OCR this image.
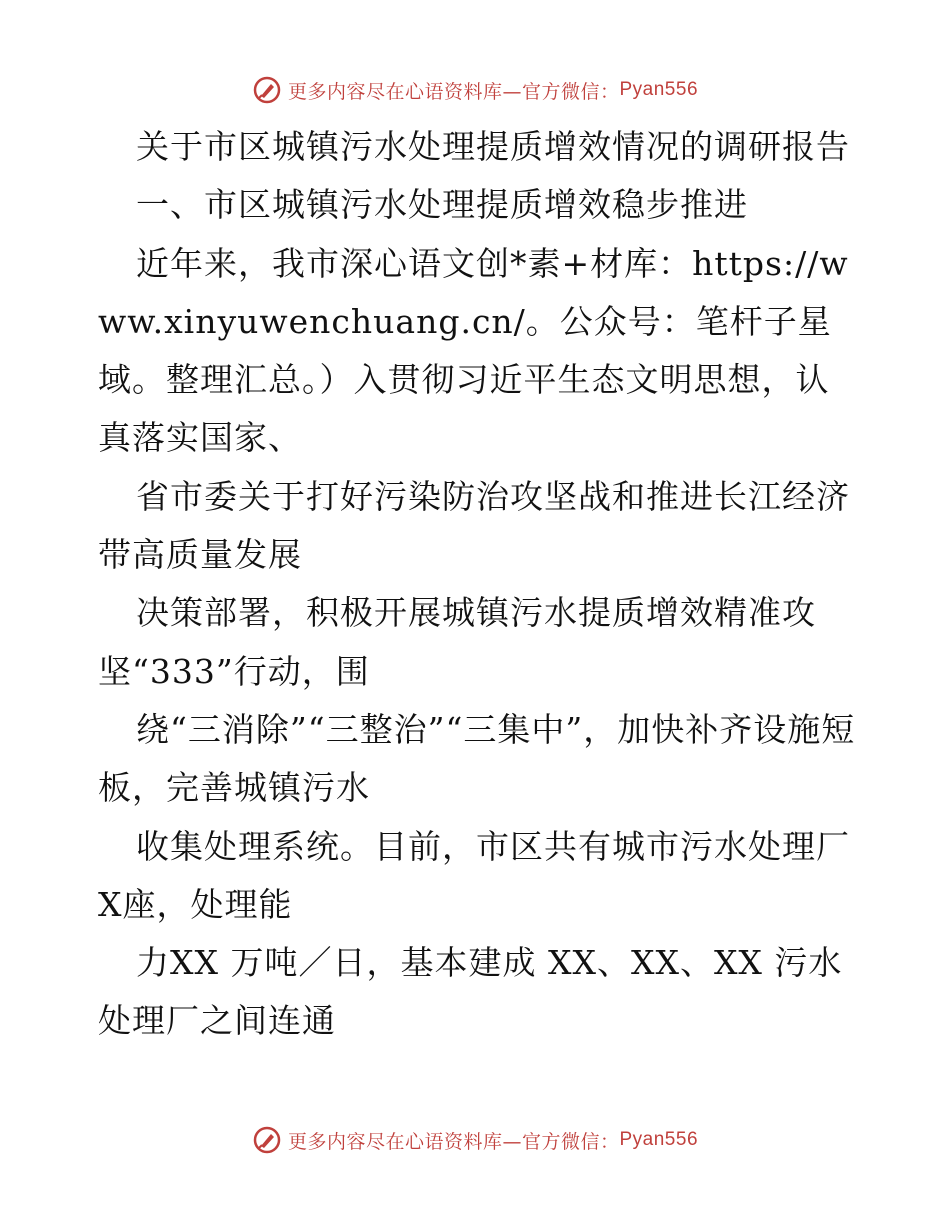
更多内容尽在心语资料库—官方微信： Pyan556

关于市区城镇污水处理提质增效情况的调研报告

一、市区城镇污水处理提质增效稳步推进

近年来，我市深心语文创*素+材库：https://www.xinyuwenchuang.cn/。公众号：笔杆子星域。整理汇总。）入贯彻习近平生态文明思想，认真落实国家、

省市委关于打好污染防治攻坚战和推进长江经济带高质量发展

决策部署，积极开展城镇污水提质增效精准攻坚“333”行动，围

绕“三消除”“三整治”“三集中”，加快补齐设施短板，完善城镇污水

收集处理系统。目前，市区共有城市污水处理厂X座，处理能

力XX 万吨／日，基本建成 XX、XX、XX 污水处理厂之间连通

更多内容尽在心语资料库—官方微信： Pyan556
